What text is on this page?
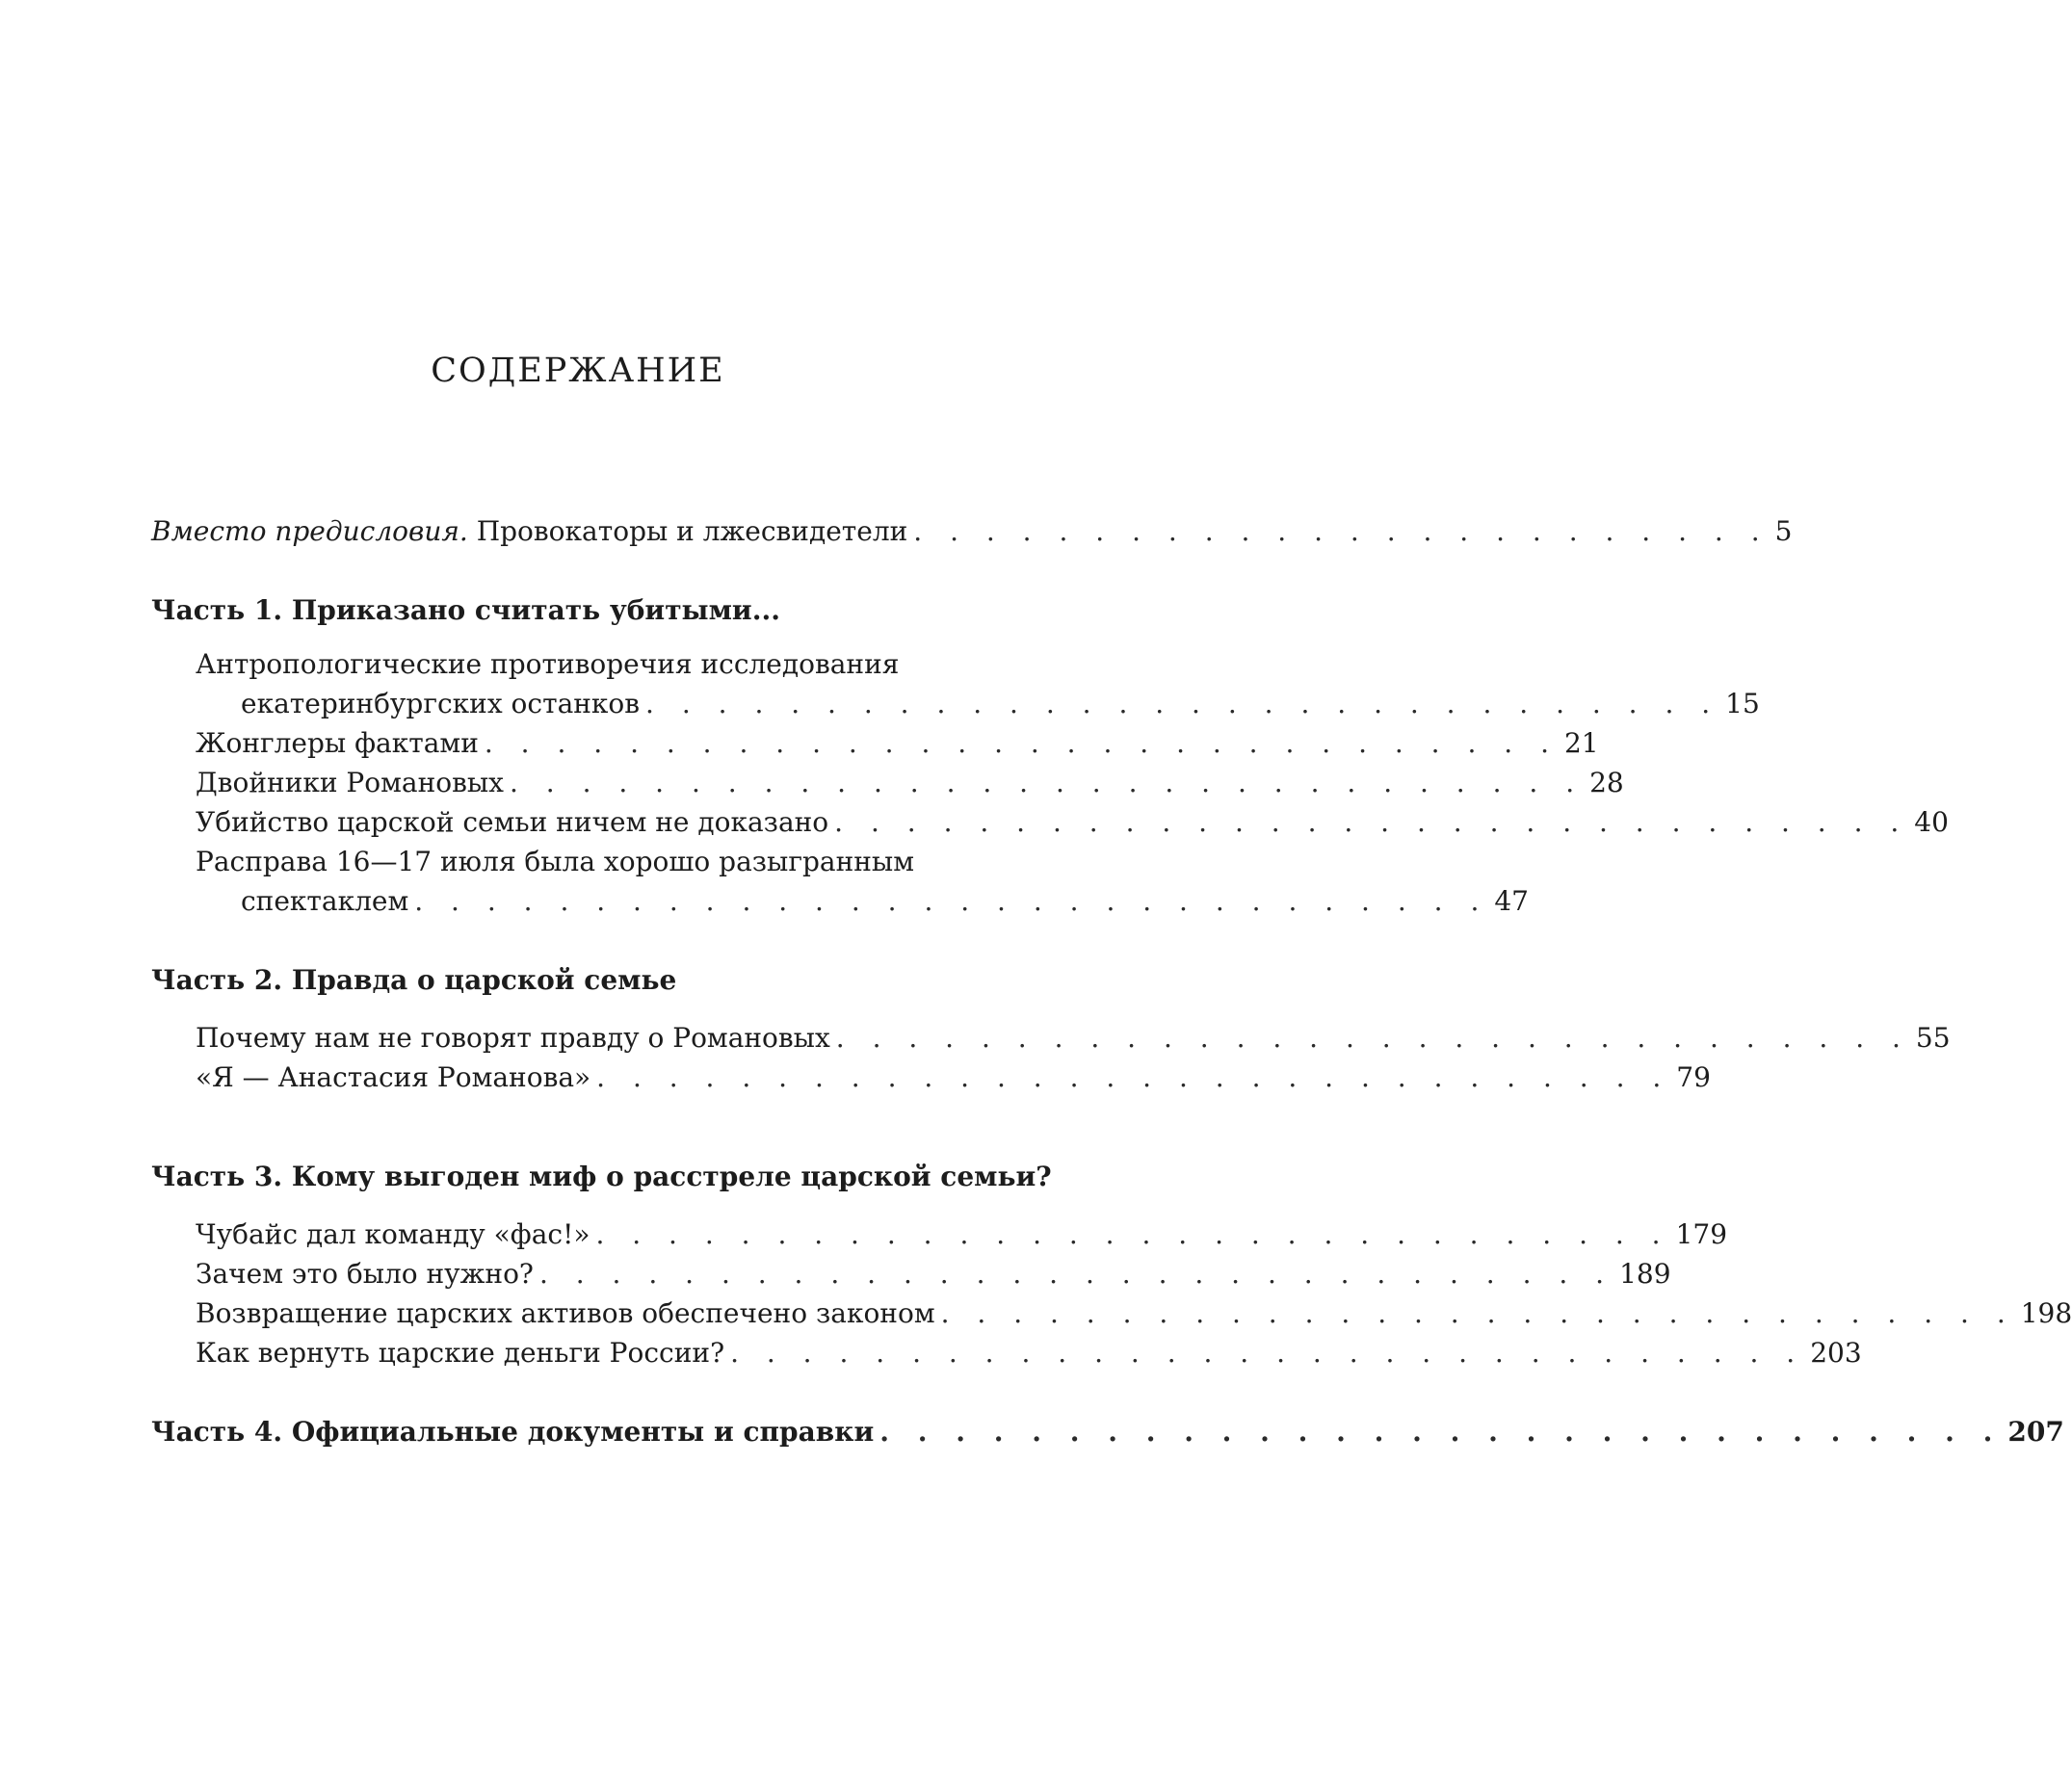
СОДЕРЖАНИЕ
Вместо предисловия. Провокаторы и лжесвидетели . . . . . . . . . . . . . . . . . . . . . . . . 5
Часть 1. Приказано считать убитыми...
Антропологические противоречия исследования
екатеринбургских останков . . . . . . . . . . . . . . . . . . . . . . . . . . . . . . 15
Жонглеры фактами . . . . . . . . . . . . . . . . . . . . . . . . . . . . . . 21
Двойники Романовых . . . . . . . . . . . . . . . . . . . . . . . . . . . . . . 28
Убийство царской семьи ничем не доказано . . . . . . . . . . . . . . . . . . . . . . . . . . . . . . 40
Расправа 16—17 июля была хорошо разыгранным
спектаклем . . . . . . . . . . . . . . . . . . . . . . . . . . . . . . 47
Часть 2. Правда о царской семье
Почему нам не говорят правду о Романовых . . . . . . . . . . . . . . . . . . . . . . . . . . . . . . 55
«Я — Анастасия Романова» . . . . . . . . . . . . . . . . . . . . . . . . . . . . . . 79
Часть 3. Кому выгоден миф о расстреле царской семьи?
Чубайс дал команду «фас!» . . . . . . . . . . . . . . . . . . . . . . . . . . . . . . 179
Зачем это было нужно? . . . . . . . . . . . . . . . . . . . . . . . . . . . . . . 189
Возвращение царских активов обеспечено законом . . . . . . . . . . . . . . . . . . . . . . . . . . . . . . 198
Как вернуть царские деньги России? . . . . . . . . . . . . . . . . . . . . . . . . . . . . . . 203
Часть 4. Официальные документы и справки . . . . . . . . . . . . . . . . . . . . . . . . . . . . . . 207
